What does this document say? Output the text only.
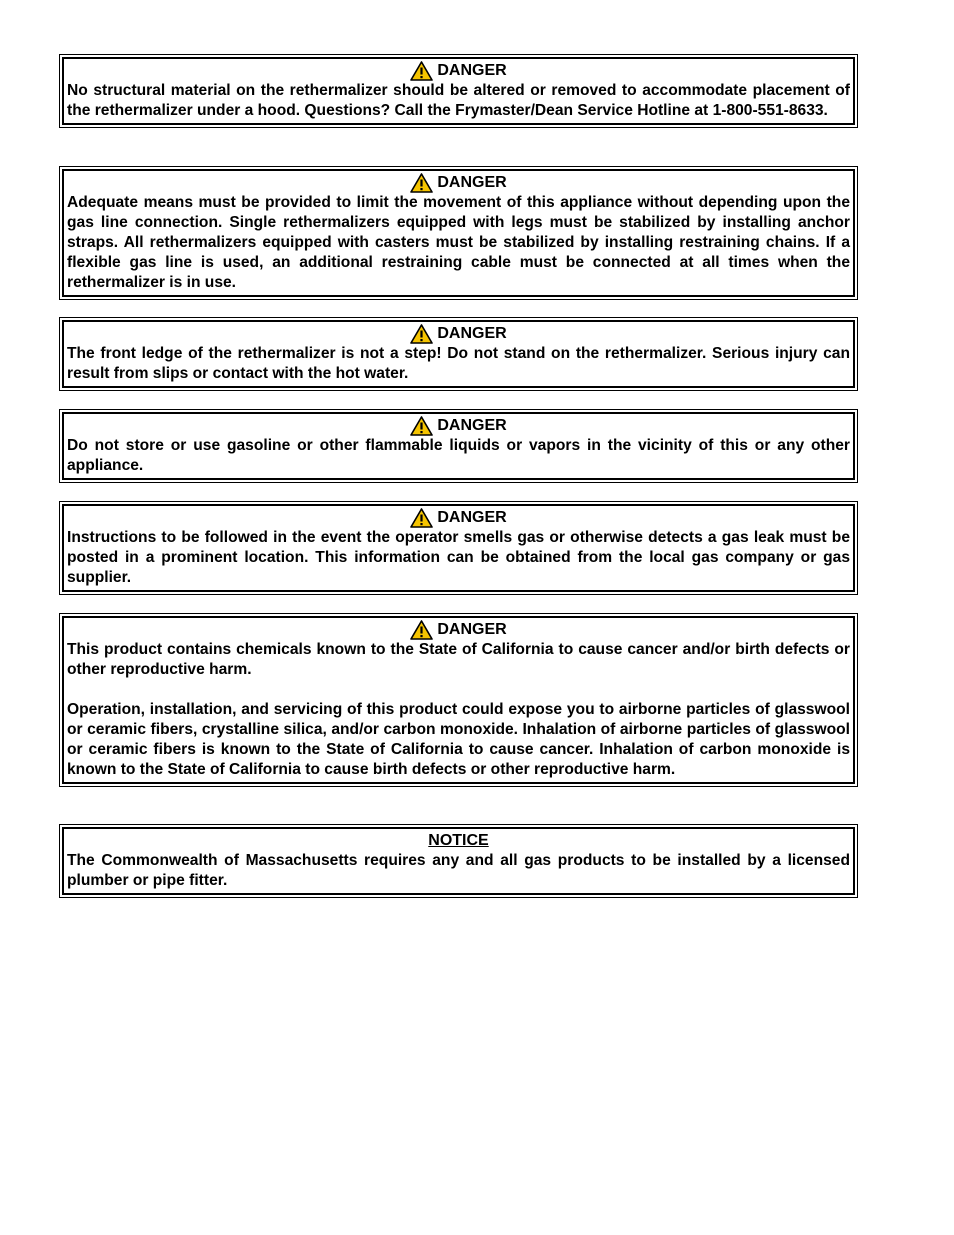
DANGER
No structural material on the rethermalizer should be altered or removed to accommodate placement of the rethermalizer under a hood. Questions? Call the Frymaster/Dean Service Hotline at 1-800-551-8633.
DANGER
Adequate means must be provided to limit the movement of this appliance without depending upon the gas line connection. Single rethermalizers equipped with legs must be stabilized by installing anchor straps. All rethermalizers equipped with casters must be stabilized by installing restraining chains. If a flexible gas line is used, an additional restraining cable must be connected at all times when the rethermalizer is in use.
DANGER
The front ledge of the rethermalizer is not a step! Do not stand on the rethermalizer. Serious injury can result from slips or contact with the hot water.
DANGER
Do not store or use gasoline or other flammable liquids or vapors in the vicinity of this or any other appliance.
DANGER
Instructions to be followed in the event the operator smells gas or otherwise detects a gas leak must be posted in a prominent location. This information can be obtained from the local gas company or gas supplier.
DANGER
This product contains chemicals known to the State of California to cause cancer and/or birth defects or other reproductive harm.
Operation, installation, and servicing of this product could expose you to airborne particles of glasswool or ceramic fibers, crystalline silica, and/or carbon monoxide. Inhalation of airborne particles of glasswool or ceramic fibers is known to the State of California to cause cancer. Inhalation of carbon monoxide is known to the State of California to cause birth defects or other reproductive harm.
NOTICE
The Commonwealth of Massachusetts requires any and all gas products to be installed by a licensed plumber or pipe fitter.
